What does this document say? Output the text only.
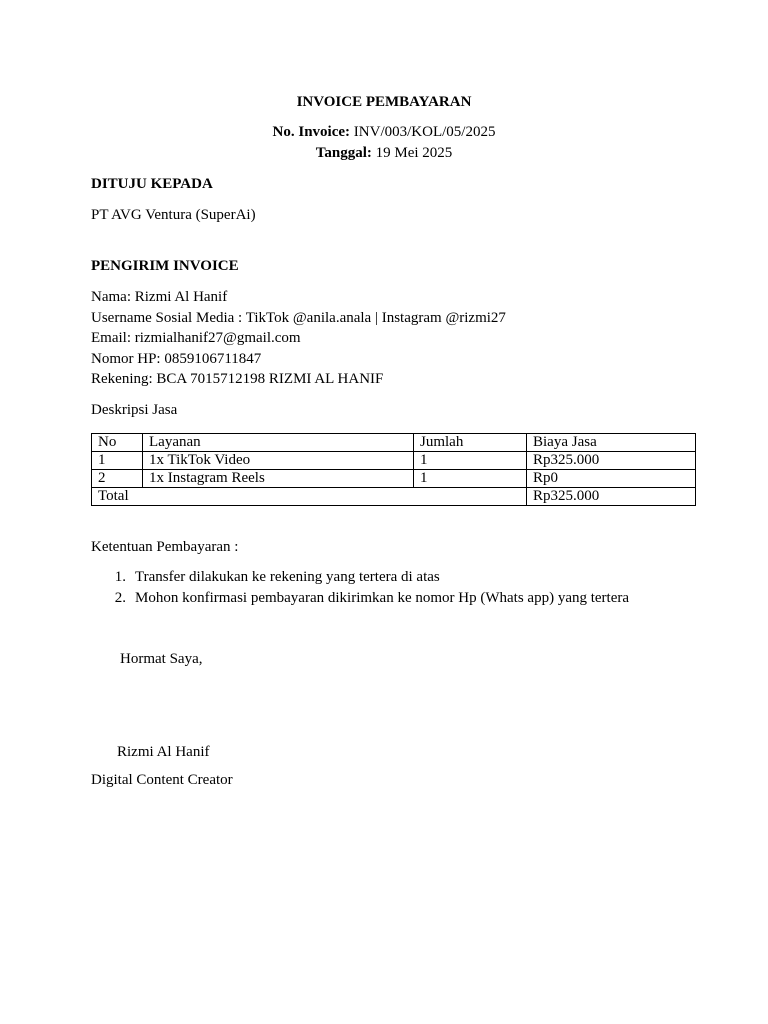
INVOICE PEMBAYARAN
No. Invoice: INV/003/KOL/05/2025
Tanggal: 19 Mei 2025
DITUJU KEPADA
PT AVG Ventura (SuperAi)
PENGIRIM INVOICE
Nama: Rizmi Al Hanif
Username Sosial Media : TikTok @anila.anala | Instagram @rizmi27
Email: rizmialhanif27@gmail.com
Nomor HP: 0859106711847
Rekening: BCA 7015712198 RIZMI AL HANIF
Deskripsi Jasa
No	Layanan	Jumlah	Biaya Jasa
1	1x TikTok Video	1	Rp325.000
2	1x Instagram Reels	1	Rp0
Total			Rp325.000
Ketentuan Pembayaran :
1. Transfer dilakukan ke rekening yang tertera di atas
2. Mohon konfirmasi pembayaran dikirimkan ke nomor Hp (Whats app) yang tertera
Hormat Saya,
Rizmi Al Hanif
Digital Content Creator
